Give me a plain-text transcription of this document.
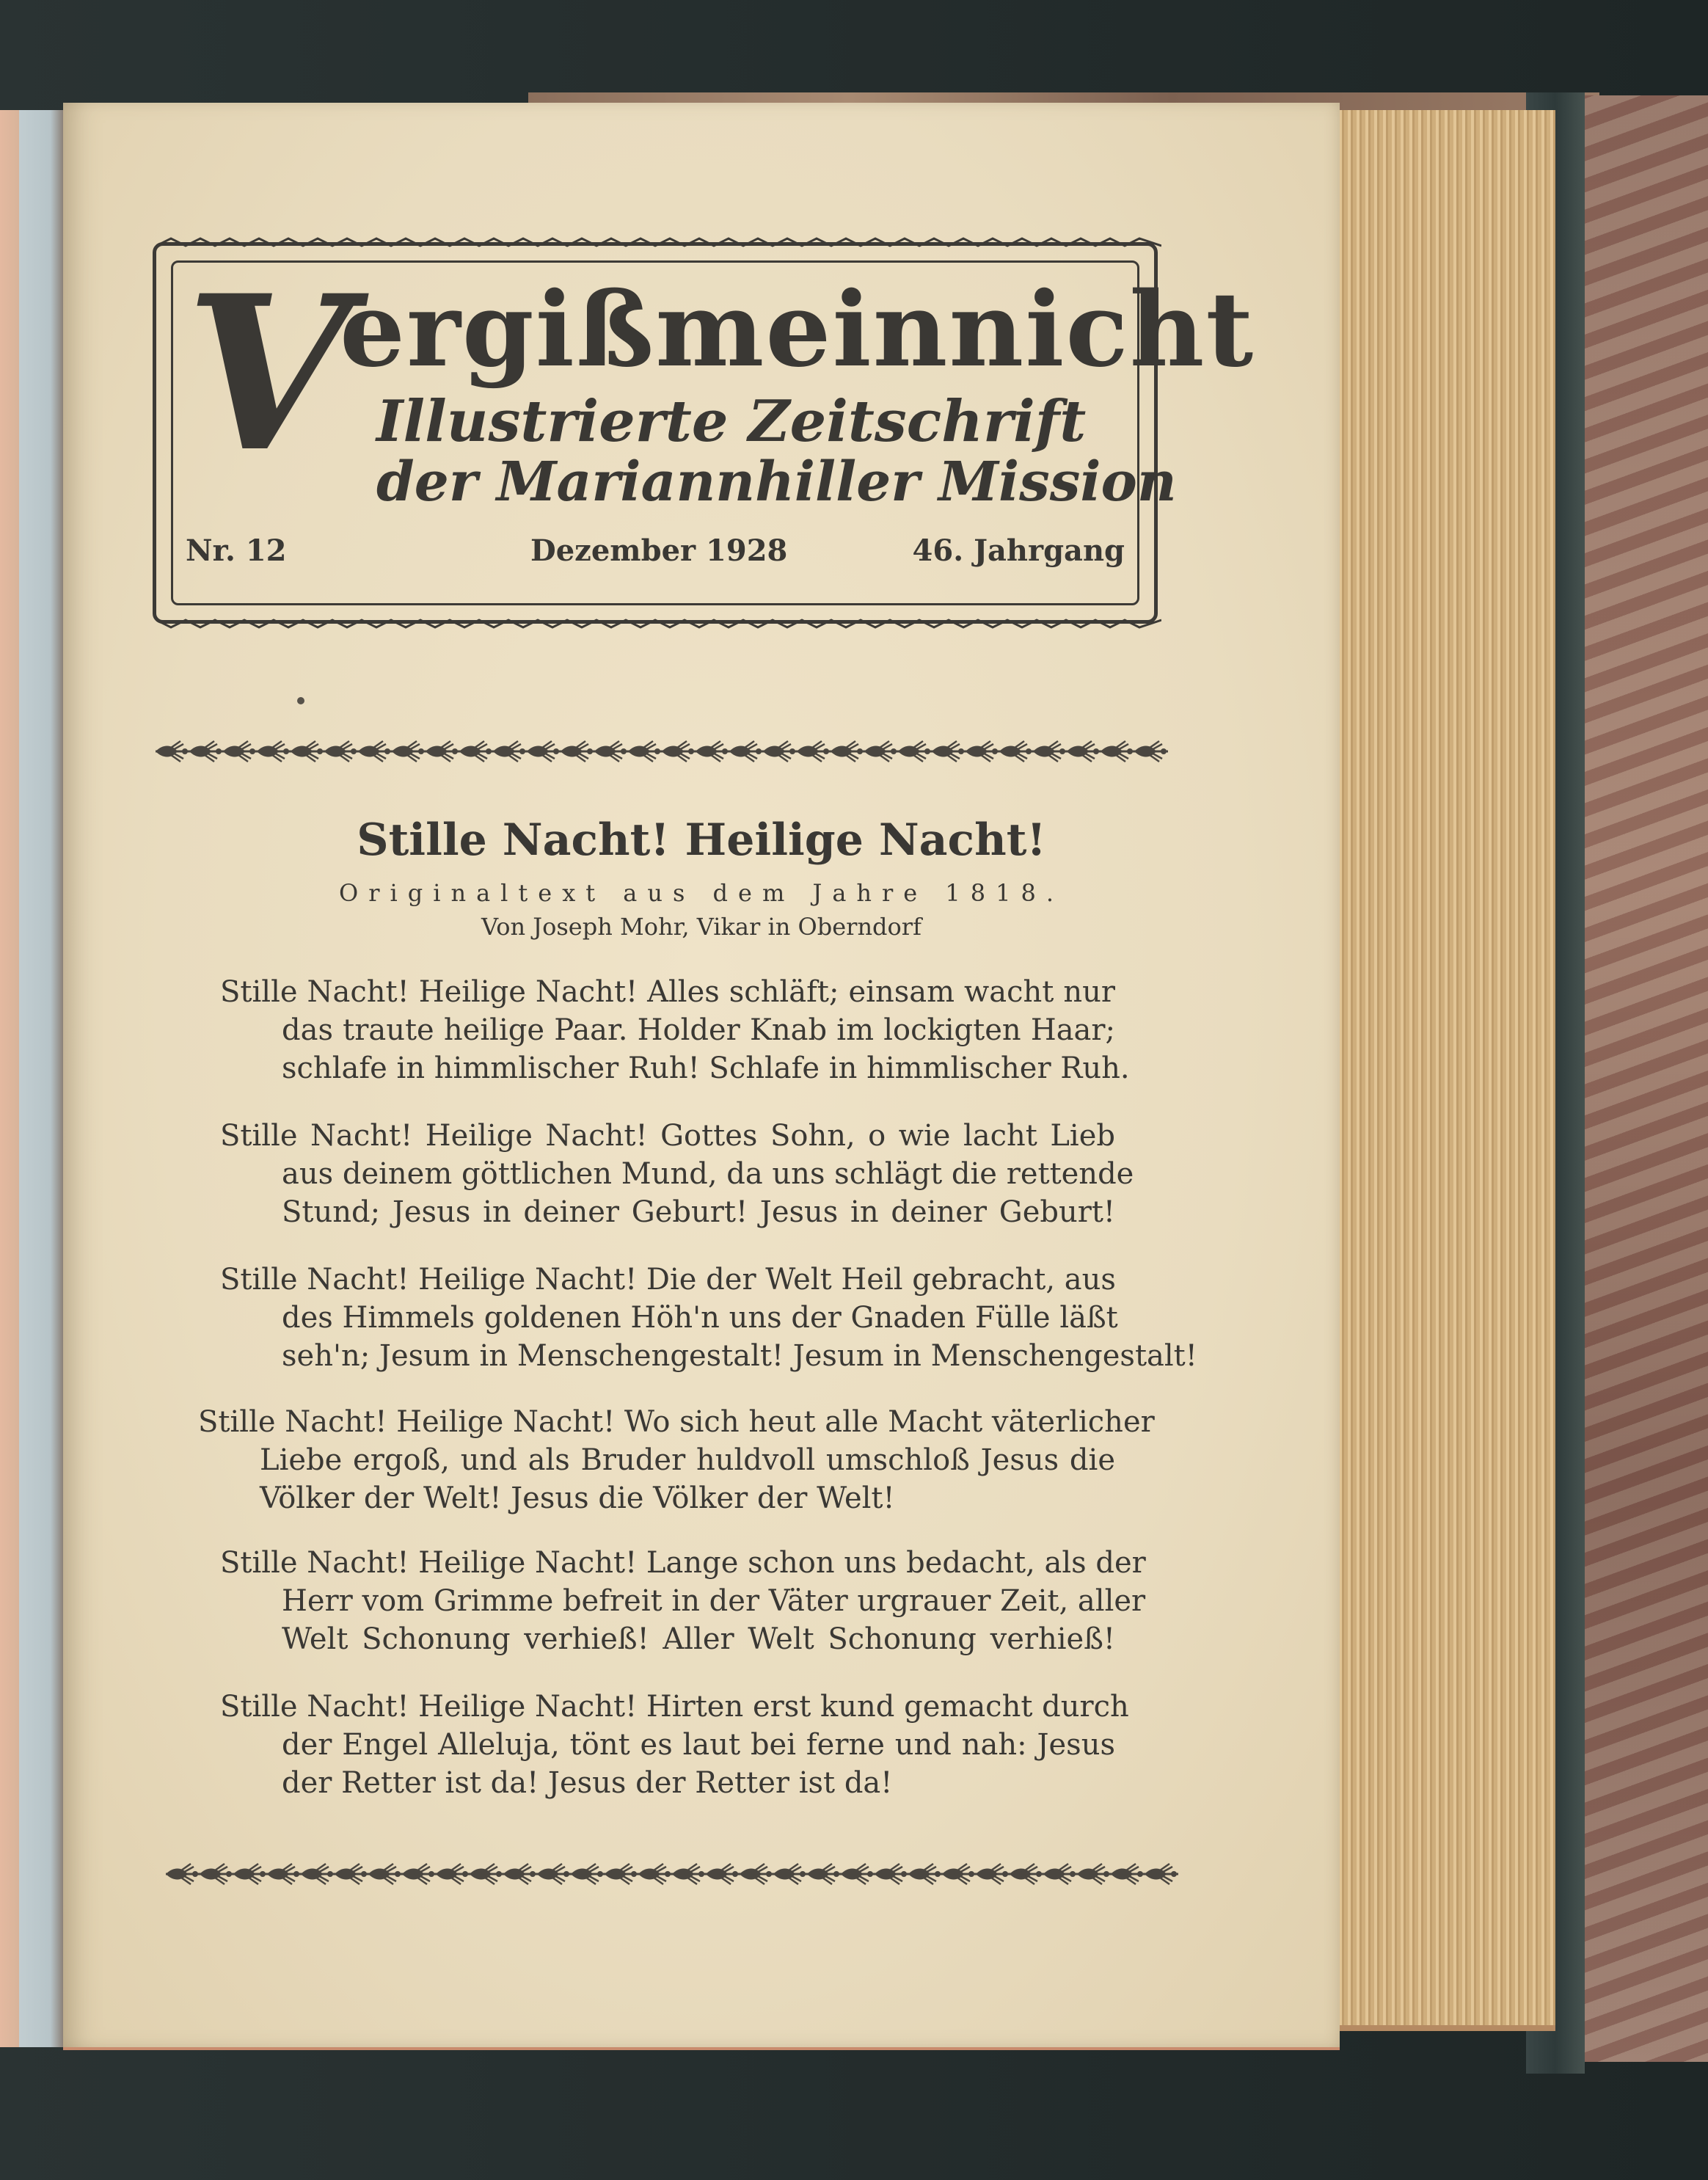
V
ergißmeinnicht
Illustrierte Zeitschrift
der Mariannhiller Mission
Nr. 12	Dezember 1928	46. Jahrgang
Stille Nacht! Heilige Nacht!
Originaltext aus dem Jahre 1818.
Von Joseph Mohr, Vikar in Oberndorf
Stille Nacht! Heilige Nacht! Alles schläft; einsam wacht nur
das traute heilige Paar. Holder Knab im lockigten Haar;
schlafe in himmlischer Ruh! Schlafe in himmlischer Ruh.
Stille Nacht! Heilige Nacht! Gottes Sohn, o wie lacht Lieb
aus deinem göttlichen Mund, da uns schlägt die rettende
Stund; Jesus in deiner Geburt! Jesus in deiner Geburt!
Stille Nacht! Heilige Nacht! Die der Welt Heil gebracht, aus
des Himmels goldenen Höh'n uns der Gnaden Fülle läßt
seh'n; Jesum in Menschengestalt! Jesum in Menschengestalt!
Stille Nacht! Heilige Nacht! Wo sich heut alle Macht väterlicher
Liebe ergoß, und als Bruder huldvoll umschloß Jesus die
Völker der Welt! Jesus die Völker der Welt!
Stille Nacht! Heilige Nacht! Lange schon uns bedacht, als der
Herr vom Grimme befreit in der Väter urgrauer Zeit, aller
Welt Schonung verhieß! Aller Welt Schonung verhieß!
Stille Nacht! Heilige Nacht! Hirten erst kund gemacht durch
der Engel Alleluja, tönt es laut bei ferne und nah: Jesus
der Retter ist da! Jesus der Retter ist da!
